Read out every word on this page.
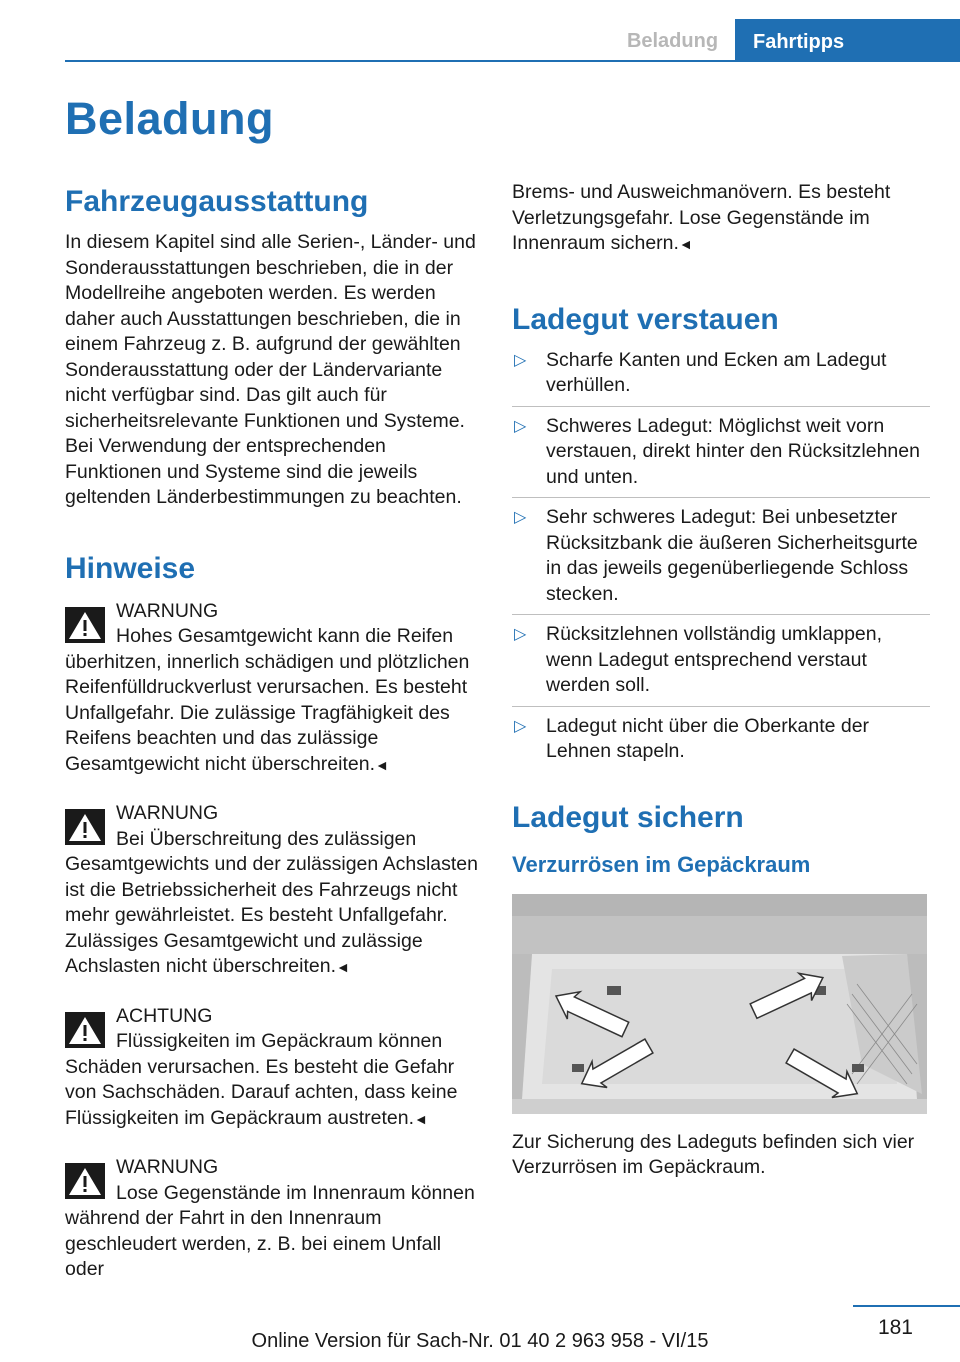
Beladung	Fahrtipps
Beladung
Fahrzeugausstattung

In diesem Kapitel sind alle Serien-, Länder- und Sonderausstattungen beschrieben, die in der Modellreihe angeboten werden. Es werden daher auch Ausstattungen beschrieben, die in einem Fahrzeug z. B. aufgrund der gewählten Sonderausstattung oder der Ländervariante nicht verfügbar sind. Das gilt auch für sicherheitsrelevante Funktionen und Systeme. Bei Verwendung der entsprechenden Funktionen und Systeme sind die jeweils geltenden Länderbestimmungen zu beachten.

Hinweise
WARNUNG

Hohes Gesamtgewicht kann die Reifen überhitzen, innerlich schädigen und plötzlichen Reifenfülldruckverlust verursachen. Es besteht Unfallgefahr. Die zulässige Tragfähigkeit des Reifens beachten und das zulässige Gesamtgewicht nicht überschreiten.◄

WARNUNG

Bei Überschreitung des zulässigen Gesamtgewichts und der zulässigen Achslasten ist die Betriebssicherheit des Fahrzeugs nicht mehr gewährleistet. Es besteht Unfallgefahr. Zulässiges Gesamtgewicht und zulässige Achslasten nicht überschreiten.◄

ACHTUNG

Flüssigkeiten im Gepäckraum können Schäden verursachen. Es besteht die Gefahr von Sachschäden. Darauf achten, dass keine Flüssigkeiten im Gepäckraum austreten.◄

WARNUNG

Lose Gegenstände im Innenraum können während der Fahrt in den Innenraum geschleudert werden, z. B. bei einem Unfall oder

Brems- und Ausweichmanövern. Es besteht Verletzungsgefahr. Lose Gegenstände im Innenraum sichern.◄

Ladegut verstauen
▷ Scharfe Kanten und Ecken am Ladegut verhüllen.
▷ Schweres Ladegut: Möglichst weit vorn verstauen, direkt hinter den Rücksitzlehnen und unten.
▷ Sehr schweres Ladegut: Bei unbesetzter Rücksitzbank die äußeren Sicherheitsgurte in das jeweils gegenüberliegende Schloss stecken.
▷ Rücksitzlehnen vollständig umklappen, wenn Ladegut entsprechend verstaut werden soll.
▷ Ladegut nicht über die Oberkante der Lehnen stapeln.
Ladegut sichern
Verzurrösen im Gepäckraum

Zur Sicherung des Ladeguts befinden sich vier Verzurrösen im Gepäckraum.

181
Online Version für Sach-Nr. 01 40 2 963 958 - VI/15
